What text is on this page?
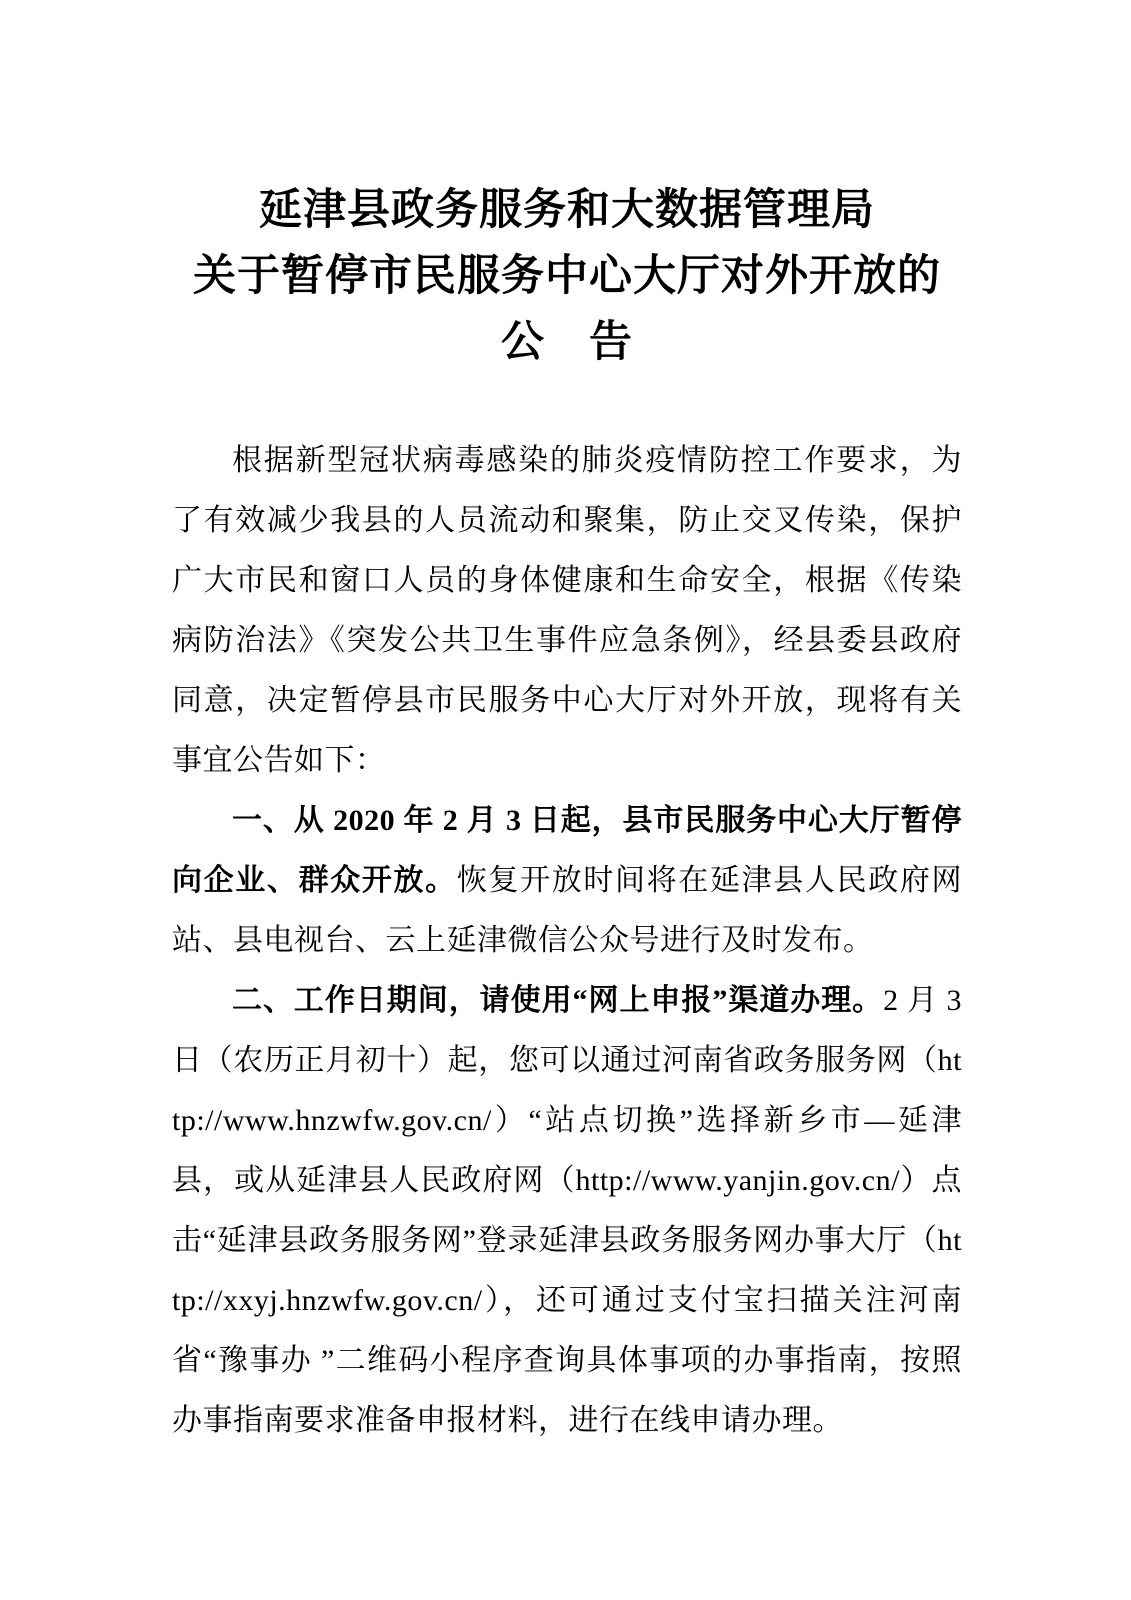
延津县政务服务和大数据管理局
关于暂停市民服务中心大厅对外开放的
公　告

根据新型冠状病毒感染的肺炎疫情防控工作要求，为了有效减少我县的人员流动和聚集，防止交叉传染，保护广大市民和窗口人员的身体健康和生命安全，根据《传染病防治法》《突发公共卫生事件应急条例》，经县委县政府同意，决定暂停县市民服务中心大厅对外开放，现将有关事宜公告如下：

一、从 2020 年 2 月 3 日起，县市民服务中心大厅暂停向企业、群众开放。恢复开放时间将在延津县人民政府网站、县电视台、云上延津微信公众号进行及时发布。

二、工作日期间，请使用“网上申报”渠道办理。2 月 3 日（农历正月初十）起，您可以通过河南省政务服务网（http://www.hnzwfw.gov.cn/）“站点切换”选择新乡市—延津县，或从延津县人民政府网（http://www.yanjin.gov.cn/）点击“延津县政务服务网”登录延津县政务服务网办事大厅（http://xxyj.hnzwfw.gov.cn/），还可通过支付宝扫描关注河南省“豫事办 ”二维码小程序查询具体事项的办事指南，按照办事指南要求准备申报材料，进行在线申请办理。
